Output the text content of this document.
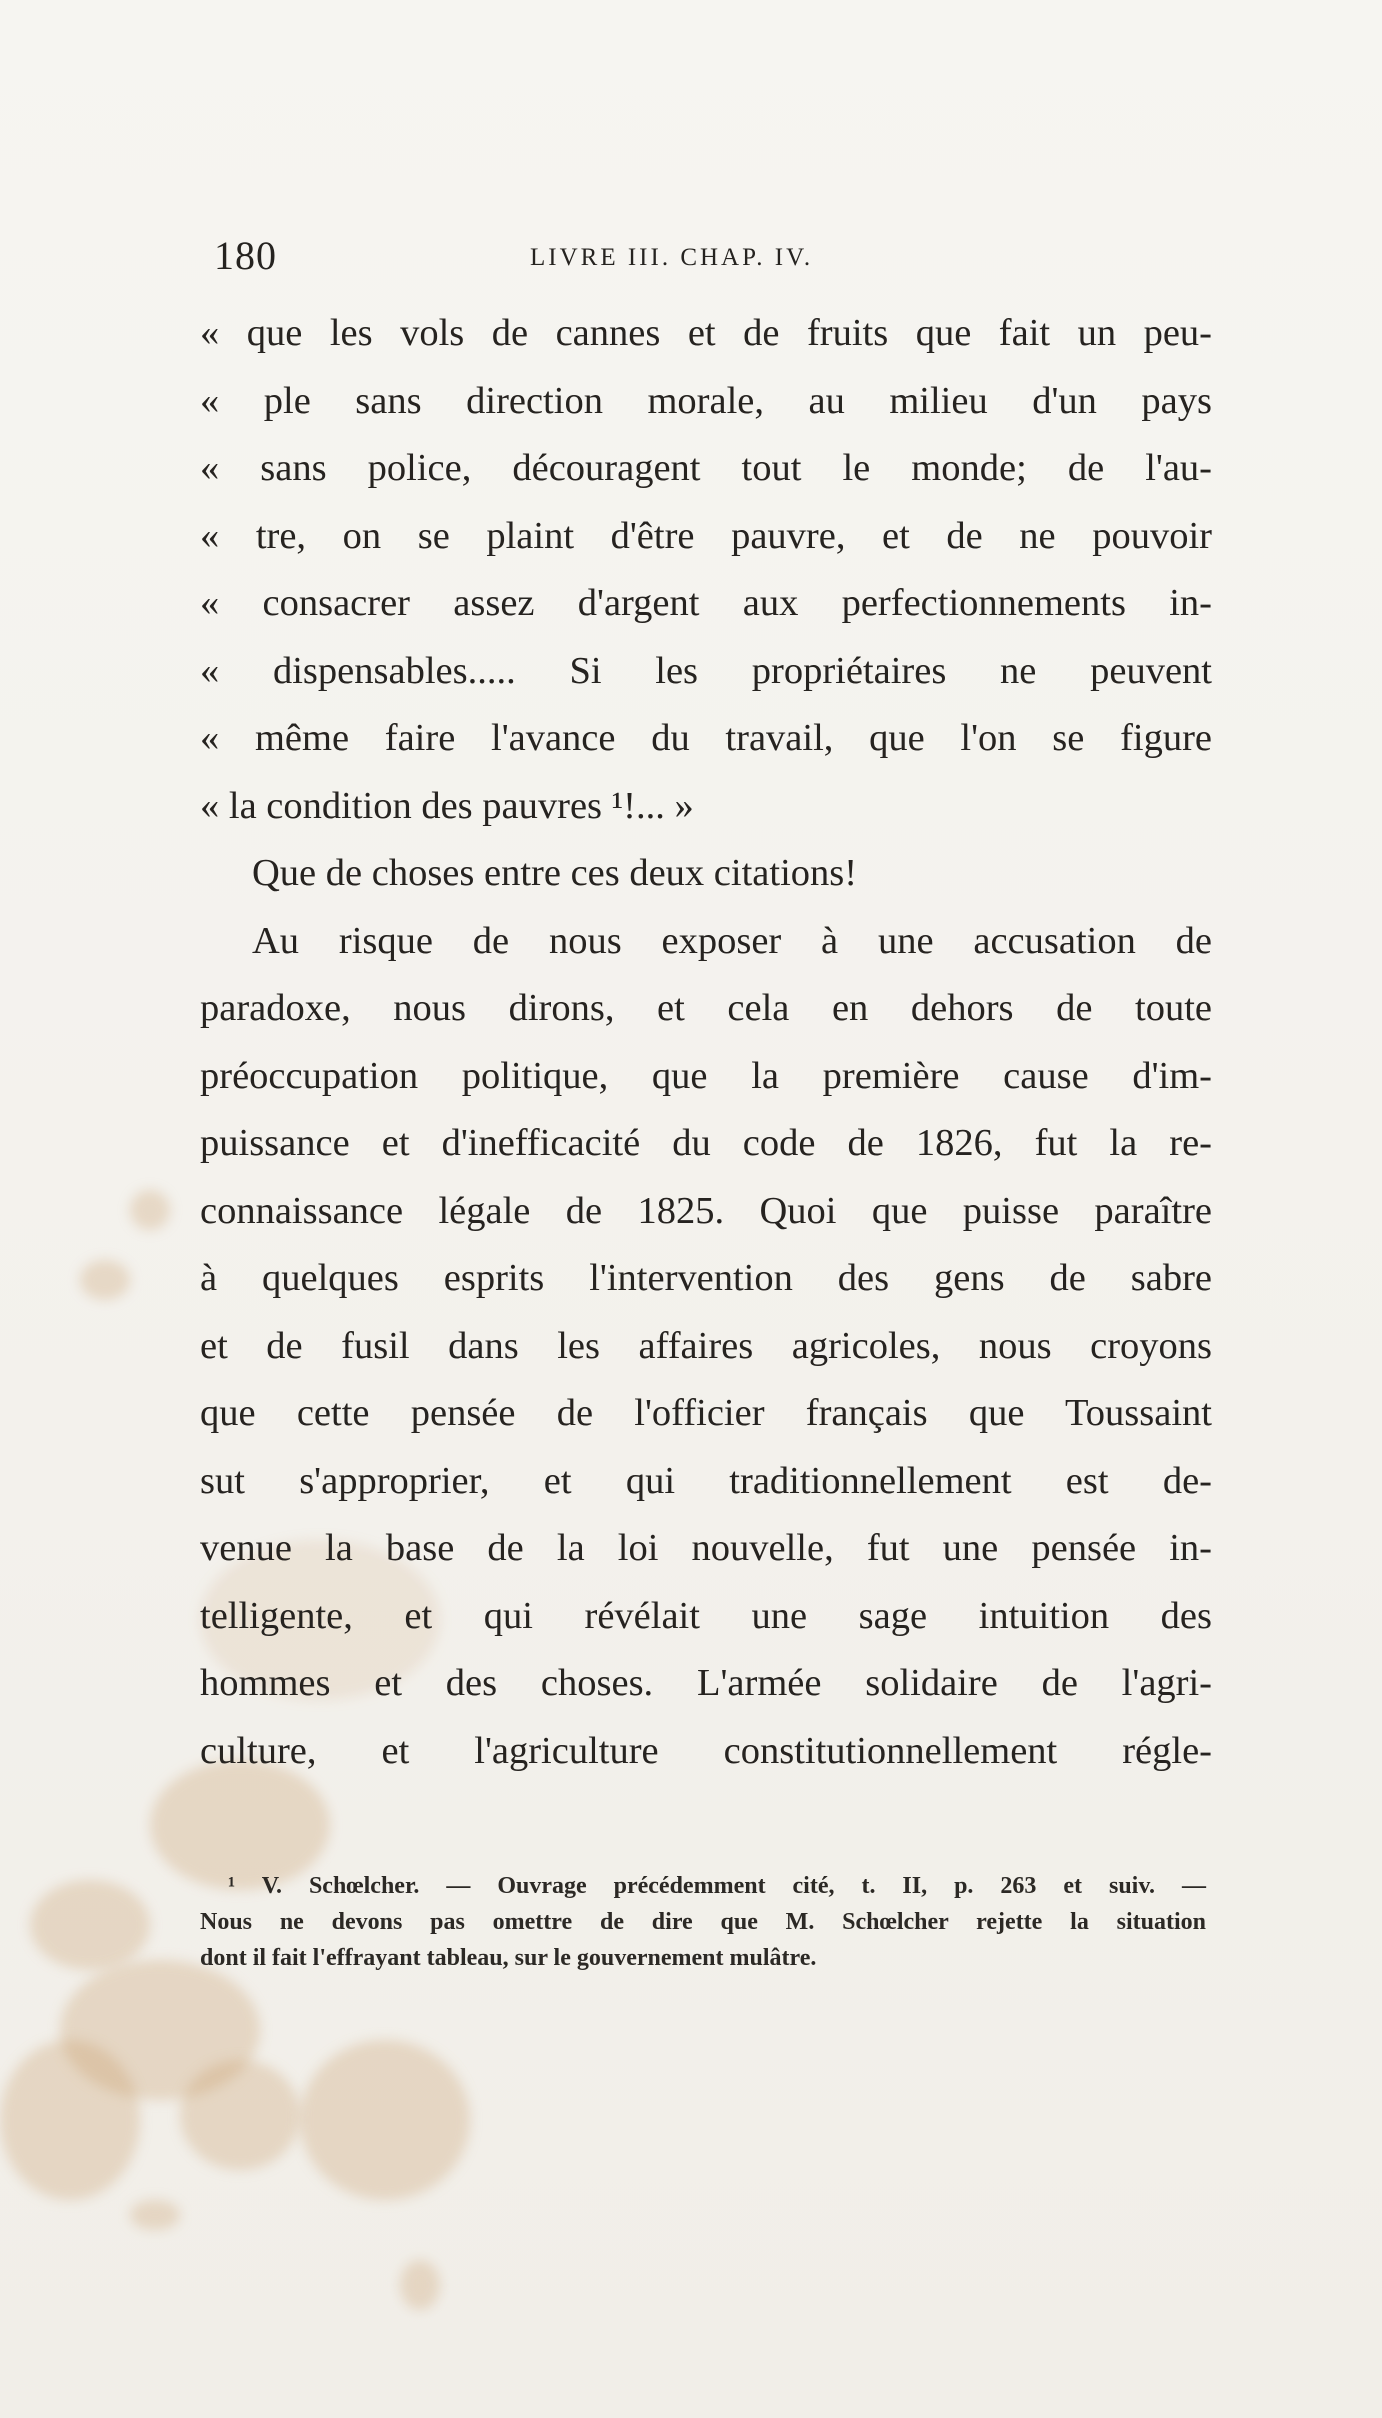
180	LIVRE III. CHAP. IV.
« que les vols de cannes et de fruits que fait un peu-
« ple sans direction morale, au milieu d'un pays
« sans police, découragent tout le monde; de l'au-
« tre, on se plaint d'être pauvre, et de ne pouvoir
« consacrer assez d'argent aux perfectionnements in-
« dispensables..... Si les propriétaires ne peuvent
« même faire l'avance du travail, que l'on se figure
« la condition des pauvres ¹!... »
Que de choses entre ces deux citations!
Au risque de nous exposer à une accusation de
paradoxe, nous dirons, et cela en dehors de toute
préoccupation politique, que la première cause d'im-
puissance et d'inefficacité du code de 1826, fut la re-
connaissance légale de 1825. Quoi que puisse paraître
à quelques esprits l'intervention des gens de sabre
et de fusil dans les affaires agricoles, nous croyons
que cette pensée de l'officier français que Toussaint
sut s'approprier, et qui traditionnellement est de-
venue la base de la loi nouvelle, fut une pensée in-
telligente, et qui révélait une sage intuition des
hommes et des choses. L'armée solidaire de l'agri-
culture, et l'agriculture constitutionnellement régle-
¹ V. Schœlcher. — Ouvrage précédemment cité, t. II, p. 263 et suiv. —
Nous ne devons pas omettre de dire que M. Schœlcher rejette la situation
dont il fait l'effrayant tableau, sur le gouvernement mulâtre.
